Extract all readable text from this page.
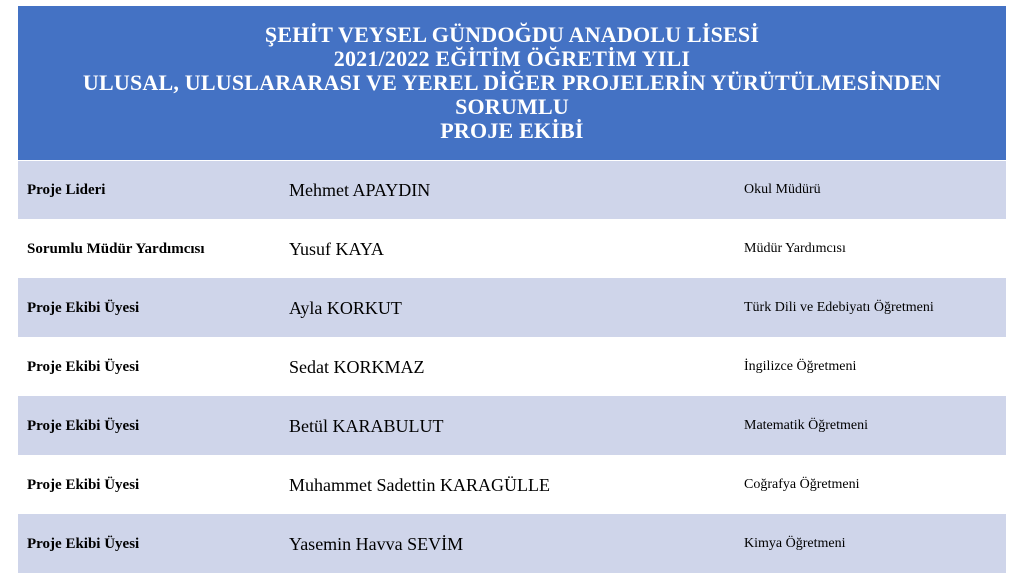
ŞEHİT VEYSEL GÜNDOĞDU ANADOLU LİSESİ
2021/2022 EĞİTİM ÖĞRETİM YILI
ULUSAL, ULUSLARARASI VE YEREL DİĞER PROJELERİN YÜRÜTÜLMESİNDEN
SORUMLU
PROJE EKİBİ
Proje Lideri	Mehmet APAYDIN	Okul Müdürü
Sorumlu Müdür Yardımcısı	Yusuf KAYA	Müdür Yardımcısı
Proje Ekibi Üyesi	Ayla KORKUT	Türk Dili ve Edebiyatı Öğretmeni
Proje Ekibi Üyesi	Sedat KORKMAZ	İngilizce Öğretmeni
Proje Ekibi Üyesi	Betül KARABULUT	Matematik Öğretmeni
Proje Ekibi Üyesi	Muhammet Sadettin KARAGÜLLE	Coğrafya Öğretmeni
Proje Ekibi Üyesi	Yasemin Havva SEVİM	Kimya Öğretmeni
